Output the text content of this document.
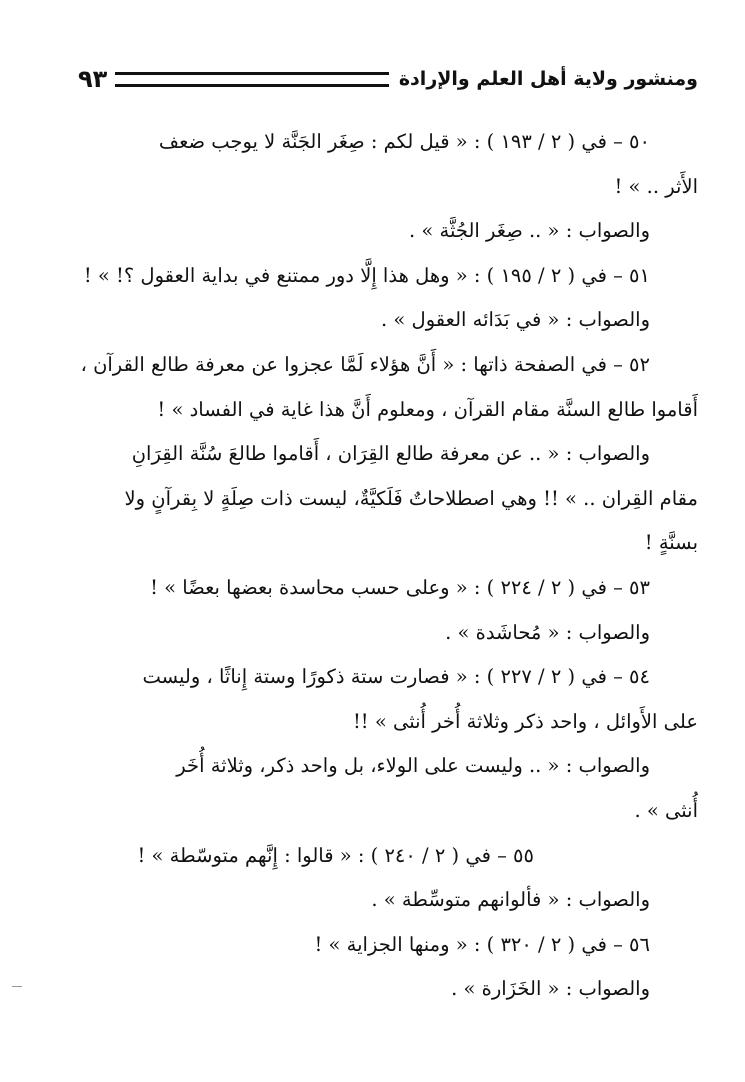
ومنشور ولاية أهل العلم والإرادة
٩٣

٥٠ – في ( ٢ / ١٩٣ ) : « قيل لكم : صِغَر الجَنَّة لا يوجب ضعف

الأَثر .. » !

والصواب : « .. صِغَر الجُثَّة » .

٥١ – في ( ٢ / ١٩٥ ) : « وهل هذا إِلَّا دور ممتنع في بداية العقول ؟! » !

والصواب : « في بَدَائه العقول » .

٥٢ – في الصفحة ذاتها : « أَنَّ هؤلاء لَمَّا عجزوا عن معرفة طالع القرآن ،

أَقاموا طالع السنَّة مقام القرآن ، ومعلوم أَنَّ هذا غاية في الفساد » !

والصواب : « .. عن معرفة طالع القِرَان ، أَقاموا طالعَ سُنَّة القِرَانِ

مقام القِران .. » !! وهي اصطلاحاتٌ فَلَكيَّةٌ، ليست ذات صِلَةٍ لا بِقرآنٍ ولا

بسنَّةٍ !

٥٣ – في ( ٢ / ٢٢٤ ) : « وعلى حسب محاسدة بعضها بعضًا » !

والصواب : « مُحاشَدة » .

٥٤ – في ( ٢ / ٢٢٧ ) : « فصارت ستة ذكورًا وستة إِناثًا ، وليست

على الأَوائل ، واحد ذكر وثلاثة أُخر أُنثى » !!

والصواب : « .. وليست على الولاء، بل واحد ذكر، وثلاثة أُخَر

أُنثى » .

٥٥ – في ( ٢ / ٢٤٠ ) : « قالوا : إِنَّهم متوسّطة » !

والصواب : « فألوانهم متوسِّطة » .

٥٦ – في ( ٢ / ٣٢٠ ) : « ومنها الجزاية » !

والصواب : « الخَزَارة » .
